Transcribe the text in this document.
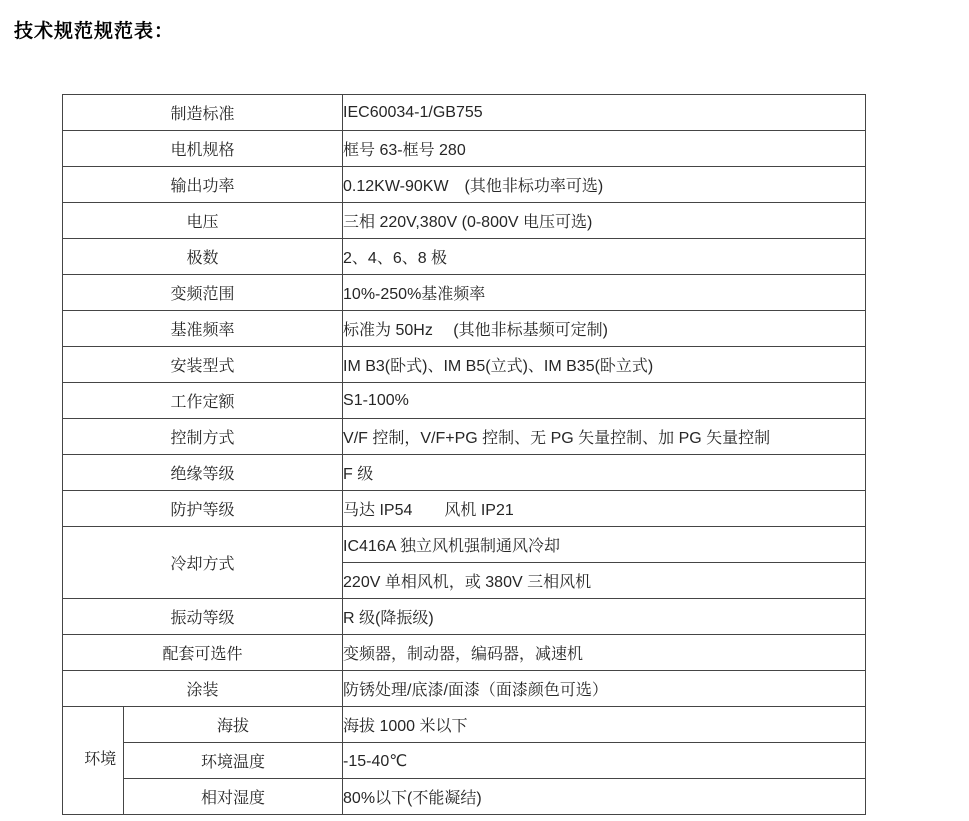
技术规范规范表：
制造标准		IEC60034-1/GB755
电机规格		框号 63-框号 280
输出功率		0.12KW-90KW　(其他非标功率可选)
电压		三相 220V,380V (0-800V 电压可选)
极数		2、4、6、8 极
变频范围		10%-250%基准频率
基准频率		标准为 50Hz　 (其他非标基频可定制)
安装型式		IM B3(卧式)、IM B5(立式)、IM B35(卧立式)
工作定额		S1-100%
控制方式		V/F 控制，V/F+PG 控制、无 PG 矢量控制、加 PG 矢量控制
绝缘等级		F 级
防护等级		马达 IP54　　风机 IP21
冷却方式		IC416A 独立风机强制通风冷却
		220V 单相风机，或 380V 三相风机
振动等级		R 级(降振级)
配套可选件		变频器，制动器，编码器，减速机
涂装		防锈处理/底漆/面漆（面漆颜色可选）
环境	海拔	海拔 1000 米以下
	环境温度	-15-40℃
	相对湿度	80%以下(不能凝结)
